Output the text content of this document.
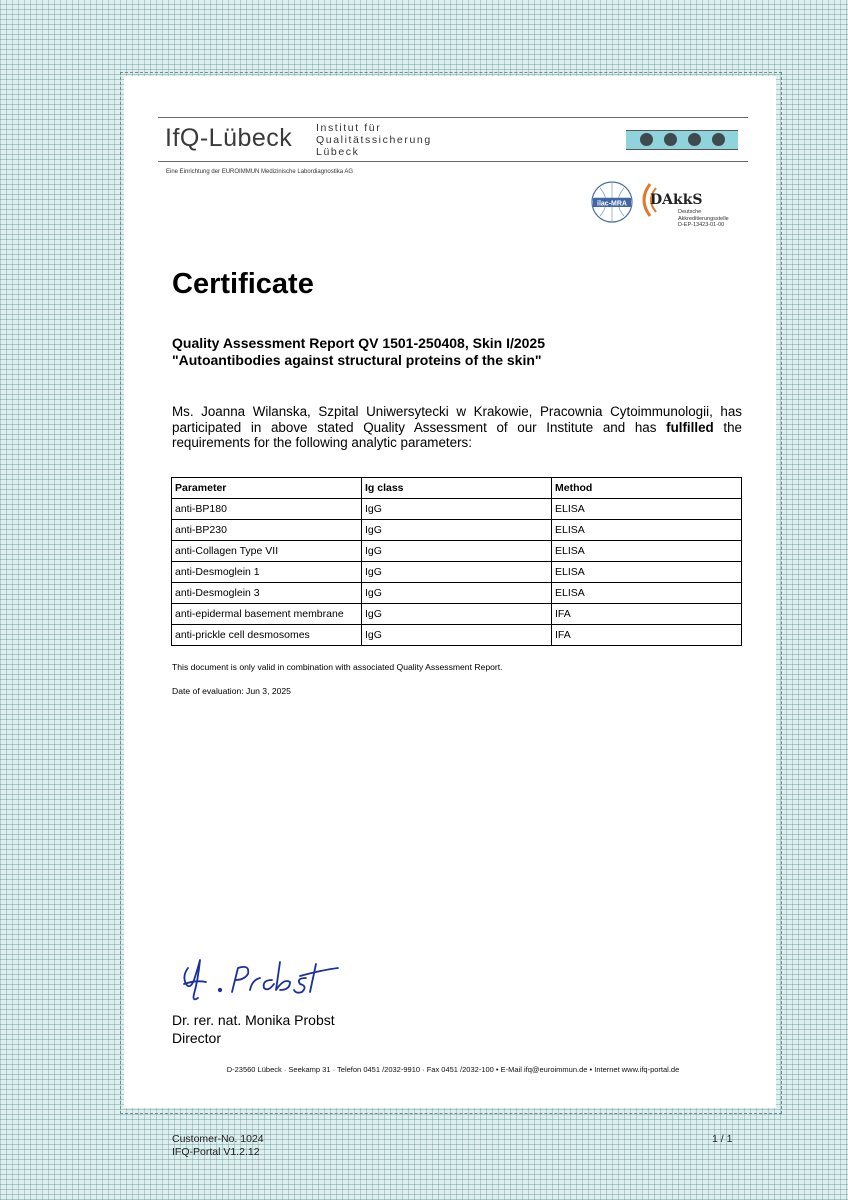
IfQ-Lübeck Institut für
Qualitätssicherung
Lübeck
Eine Einrichtung der EUROIMMUN Medizinische Labordiagnostika AG
ilac-MRA DAkkS
Deutsche
Akkreditierungsstelle
D-EP-13423-01-00
Certificate
Quality Assessment Report QV 1501-250408, Skin I/2025
"Autoantibodies against structural proteins of the skin"
Ms. Joanna Wilanska, Szpital Uniwersytecki w Krakowie, Pracownia Cytoimmunologii, has participated in above stated Quality Assessment of our Institute and has fulfilled the requirements for the following analytic parameters:
Parameter	Ig class	Method
anti-BP180	IgG	ELISA
anti-BP230	IgG	ELISA
anti-Collagen Type VII	IgG	ELISA
anti-Desmoglein 1	IgG	ELISA
anti-Desmoglein 3	IgG	ELISA
anti-epidermal basement membrane	IgG	IFA
anti-prickle cell desmosomes	IgG	IFA
This document is only valid in combination with associated Quality Assessment Report.
Date of evaluation: Jun 3, 2025
Dr. rer. nat. Monika Probst
Director
D-23560 Lübeck · Seekamp 31 · Telefon 0451 /2032-9910 · Fax 0451 /2032-100 • E-Mail ifq@euroimmun.de • Internet www.ifq-portal.de
Customer-No. 1024
IFQ-Portal V1.2.12
1 / 1
